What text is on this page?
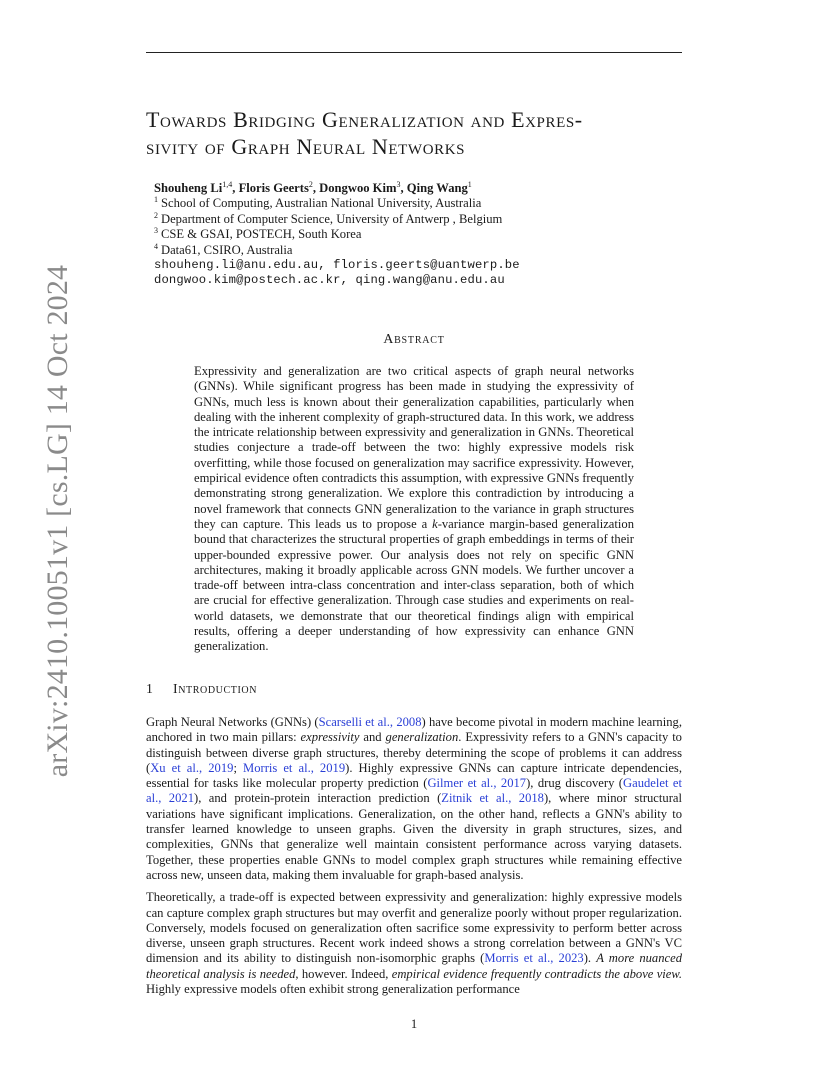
arXiv:2410.10051v1 [cs.LG] 14 Oct 2024
Towards Bridging Generalization and Expres-
sivity of Graph Neural Networks
Shouheng Li$^{1,4}$, Floris Geerts$^2$, Dongwoo Kim$^3$, Qing Wang$^1$
$^1$ School of Computing, Australian National University, Australia
$^2$ Department of Computer Science, University of Antwerp , Belgium
$^3$ CSE & GSAI, POSTECH, South Korea
$^4$ Data61, CSIRO, Australia
shouheng.li@anu.edu.au, floris.geerts@uantwerp.be
dongwoo.kim@postech.ac.kr, qing.wang@anu.edu.au
Abstract

Expressivity and generalization are two critical aspects of graph neural networks (GNNs). While significant progress has been made in studying the expressivity of GNNs, much less is known about their generalization capabilities, particularly when dealing with the inherent complexity of graph-structured data. In this work, we address the intricate relationship between expressivity and generalization in GNNs. Theoretical studies conjecture a trade-off between the two: highly expressive models risk overfitting, while those focused on generalization may sacrifice expressivity. However, empirical evidence often contradicts this assumption, with expressive GNNs frequently demonstrating strong generalization. We explore this contradiction by introducing a novel framework that connects GNN generalization to the variance in graph structures they can capture. This leads us to propose a k-variance margin-based generalization bound that characterizes the structural properties of graph embeddings in terms of their upper-bounded expressive power. Our analysis does not rely on specific GNN architectures, making it broadly applicable across GNN models. We further uncover a trade-off between intra-class concentration and inter-class separation, both of which are crucial for effective generalization. Through case studies and experiments on real-world datasets, we demonstrate that our theoretical findings align with empirical results, offering a deeper understanding of how expressivity can enhance GNN generalization.

1 Introduction

Graph Neural Networks (GNNs) (Scarselli et al., 2008) have become pivotal in modern machine learning, anchored in two main pillars: expressivity and generalization. Expressivity refers to a GNN's capacity to distinguish between diverse graph structures, thereby determining the scope of problems it can address (Xu et al., 2019; Morris et al., 2019). Highly expressive GNNs can capture intricate dependencies, essential for tasks like molecular property prediction (Gilmer et al., 2017), drug discovery (Gaudelet et al., 2021), and protein-protein interaction prediction (Zitnik et al., 2018), where minor structural variations have significant implications. Generalization, on the other hand, reflects a GNN's ability to transfer learned knowledge to unseen graphs. Given the diversity in graph structures, sizes, and complexities, GNNs that generalize well maintain consistent performance across varying datasets. Together, these properties enable GNNs to model complex graph structures while remaining effective across new, unseen data, making them invaluable for graph-based analysis.

Theoretically, a trade-off is expected between expressivity and generalization: highly expressive models can capture complex graph structures but may overfit and generalize poorly without proper regularization. Conversely, models focused on generalization often sacrifice some expressivity to perform better across diverse, unseen graph structures. Recent work indeed shows a strong correlation between a GNN's VC dimension and its ability to distinguish non-isomorphic graphs (Morris et al., 2023). A more nuanced theoretical analysis is needed, however. Indeed, empirical evidence frequently contradicts the above view. Highly expressive models often exhibit strong generalization performance

1
